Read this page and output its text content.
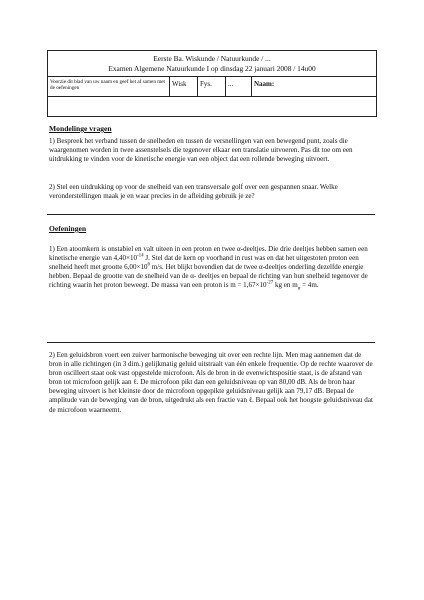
Eerste Ba. Wiskunde / Natuurkunde / ...
Examen Algemene Natuurkunde I op dinsdag 22 januari 2008 / 14u00
Voorzie dit blad van uw naam en geef het af samen met de oefeningen
Wisk	Fys.	...	Naam:
Mondelinge vragen
1) Bespreek het verband tussen de snelheden en tussen de versnellingen van een bewegend punt, zoals die waargenomen worden in twee assenstelsels die tegenover elkaar een translatie uitvoeren. Pas dit toe om een uitdrukking te vinden voor de kinetische energie van een object dat een rollende beweging uitvoert.
2) Stel een uitdrukking op voor de snelheid van een transversale golf over een gespannen snaar. Welke veronderstellingen maak je en waar precies in de afleiding gebruik je ze?
Oefeningen
1) Een atoomkern is onstabiel en valt uiteen in een proton en twee α-deeltjes. Die drie deeltjes hebben samen een kinetische energie van $4,40\times 10^{-14}$ J. Stel dat de kern op voorhand in rust was en dat het uitgestoten proton een snelheid heeft met grootte $6,00\times 10^6$ m/s. Het blijkt bovendien dat de twee α-deeltjes onderling dezelfde energie hebben. Bepaal de grootte van de snelheid van de α- deeltjes en bepaal de richting van hun snelheid tegenover de richting waarin het proton beweegt. De massa van een proton is $m = 1,67\times 10^{-27}$ kg en $m_\alpha = 4m$.
2) Een geluidsbron voert een zuiver harmonische beweging uit over een rechte lijn. Men mag aannemen dat de bron in alle richtingen (in 3 dim.) gelijkmatig geluid uitstraalt van één enkele frequentie. Op de rechte waarover de bron oscilleert staat ook vast opgestelde microfoon. Als de bron in de evenwichtspositie staat, is de afstand van bron tot microfoon gelijk aan ℓ. De microfoon pikt dan een geluidsniveau op van 80,00 dB. Als de bron haar beweging uitvoert is het kleinste door de microfoon opgepikte geluidsniveau gelijk aan 79,17 dB. Bepaal de amplitude van de beweging van de bron, uitgedrukt als een fractie van ℓ. Bepaal ook het hoogste geluidsniveau dat de microfoon waarneemt.
